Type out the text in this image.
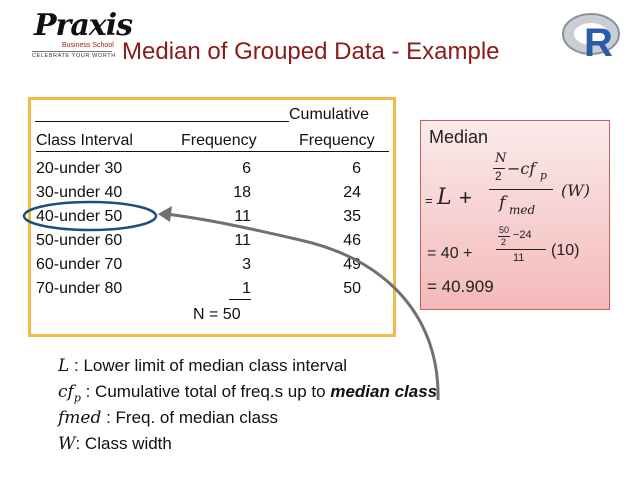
Praxis
Business School
CELEBRATE YOUR WORTH	R
Median of Grouped Data - Example
Cumulative
Class Interval	Frequency	Frequency
20-under 30	6	6
30-under 40	18	24
40-under 50	11	35
50-under 60	11	46
60-under 70	3	49
70-under 80	1	50
N = 50
Median
= L +
N
2 −cf p
f med
(W)
= 40 +
50
2
−24
11 (10)
= 40.909
L : Lower limit of median class interval
$cf_p$ : Cumulative total of freq.s up to median class
fmed : Freq. of median class
W: Class width
